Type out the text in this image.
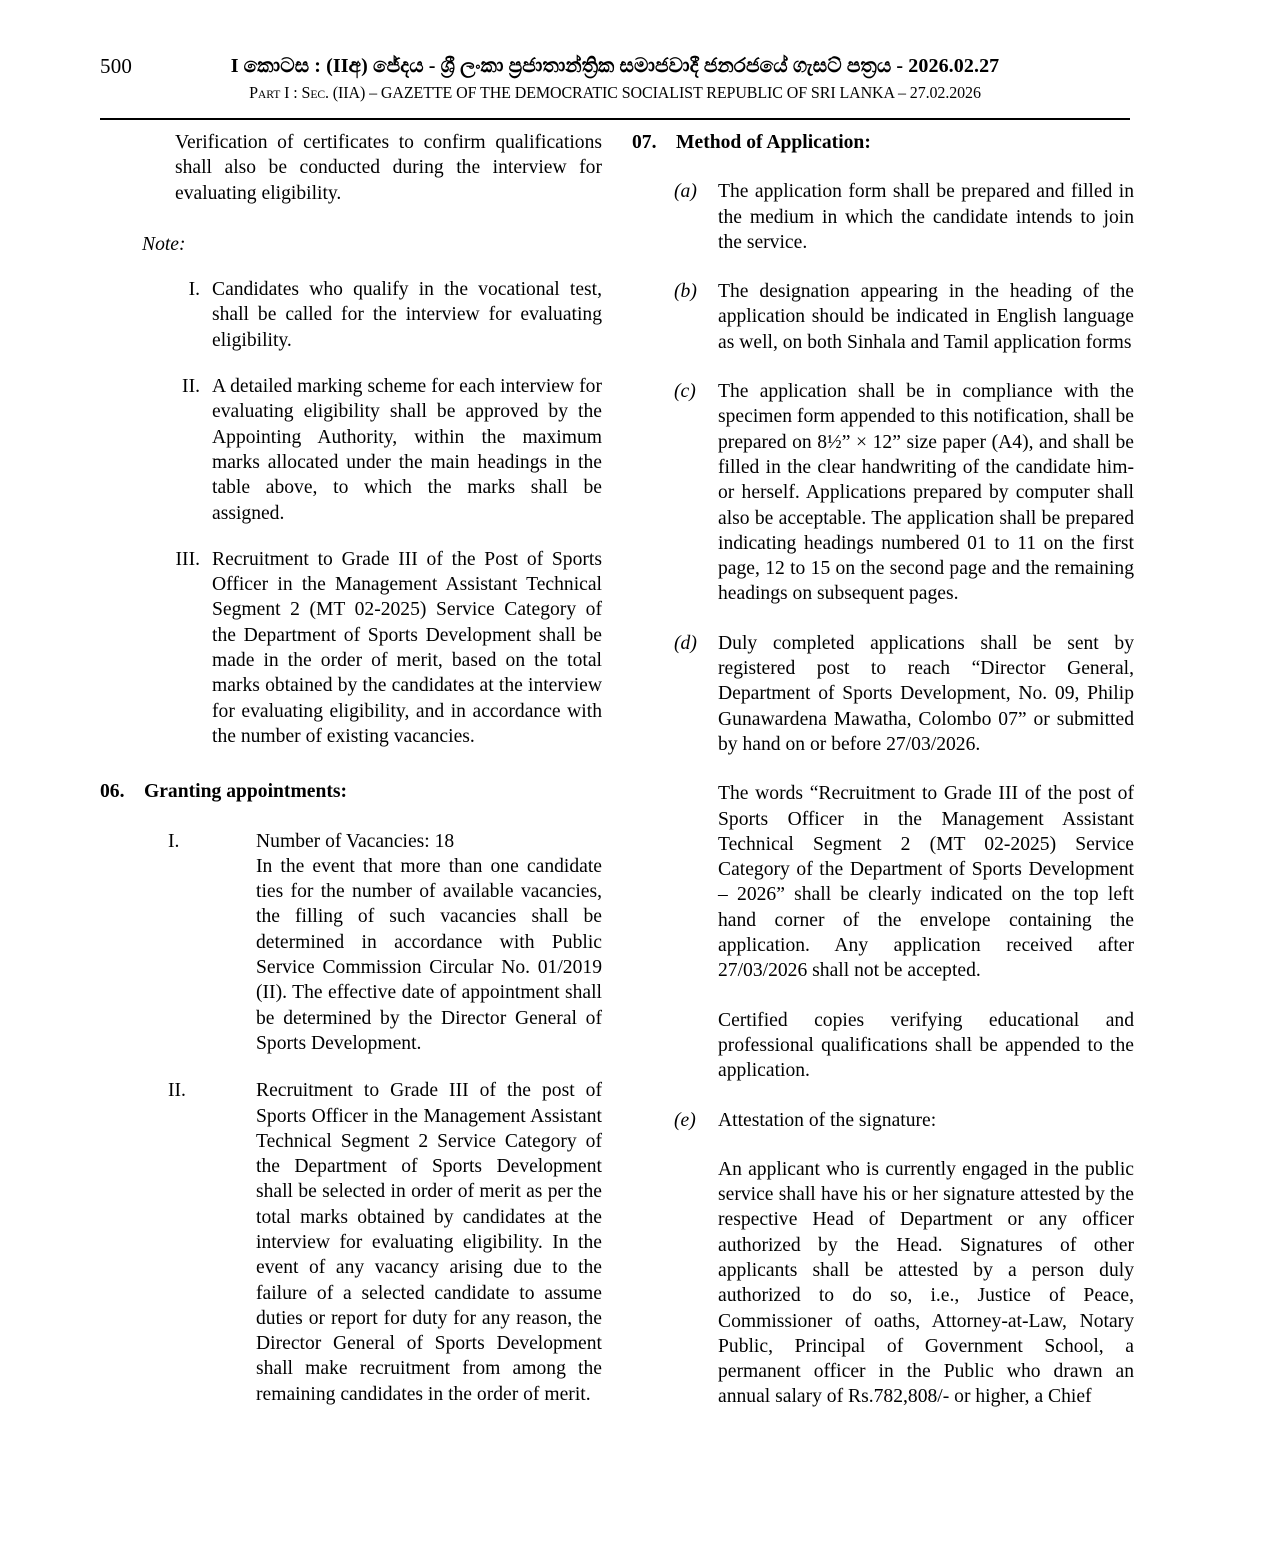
500	I කොටස : (IIඅ) ජේදය - ශ්‍රී ලංකා ප්‍රජාතාන්ත්‍රික සමාජවාදී ජනරජයේ ගැසට් පත්‍රය - 2026.02.27
Part I : Sec. (IIA) – GAZETTE OF THE DEMOCRATIC SOCIALIST REPUBLIC OF SRI LANKA – 27.02.2026

Verification of certificates to confirm qualifications shall also be conducted during the interview for evaluating eligibility.

Note:
I. Candidates who qualify in the vocational test, shall be called for the interview for evaluating eligibility.
II. A detailed marking scheme for each interview for evaluating eligibility shall be approved by the Appointing Authority, within the maximum marks allocated under the main headings in the table above, to which the marks shall be assigned.
III. Recruitment to Grade III of the Post of Sports Officer in the Management Assistant Technical Segment 2 (MT 02-2025) Service Category of the Department of Sports Development shall be made in the order of merit, based on the total marks obtained by the candidates at the interview for evaluating eligibility, and in accordance with the number of existing vacancies.
06. Granting appointments:
I.	Number of Vacancies: 18
In the event that more than one candidate ties for the number of available vacancies, the filling of such vacancies shall be determined in accordance with Public Service Commission Circular No. 01/2019 (II). The effective date of appointment shall be determined by the Director General of Sports Development.
II.	Recruitment to Grade III of the post of Sports Officer in the Management Assistant Technical Segment 2 Service Category of the Department of Sports Development shall be selected in order of merit as per the total marks obtained by candidates at the interview for evaluating eligibility. In the event of any vacancy arising due to the failure of a selected candidate to assume duties or report for duty for any reason, the Director General of Sports Development shall make recruitment from among the remaining candidates in the order of merit.
07. Method of Application:
(a)	The application form shall be prepared and filled in the medium in which the candidate intends to join the service.
(b)	The designation appearing in the heading of the application should be indicated in English language as well, on both Sinhala and Tamil application forms
(c)	The application shall be in compliance with the specimen form appended to this notification, shall be prepared on 8½” × 12” size paper (A4), and shall be filled in the clear handwriting of the candidate him- or herself. Applications prepared by computer shall also be acceptable. The application shall be prepared indicating headings numbered 01 to 11 on the first page, 12 to 15 on the second page and the remaining headings on subsequent pages.
(d)	Duly completed applications shall be sent by registered post to reach “Director General, Department of Sports Development, No. 09, Philip Gunawardena Mawatha, Colombo 07” or submitted by hand on or before 27/03/2026.
The words “Recruitment to Grade III of the post of Sports Officer in the Management Assistant Technical Segment 2 (MT 02-2025) Service Category of the Department of Sports Development – 2026” shall be clearly indicated on the top left hand corner of the envelope containing the application. Any application received after 27/03/2026 shall not be accepted.
Certified copies verifying educational and professional qualifications shall be appended to the application.
(e)	Attestation of the signature:
An applicant who is currently engaged in the public service shall have his or her signature attested by the respective Head of Department or any officer authorized by the Head. Signatures of other applicants shall be attested by a person duly authorized to do so, i.e., Justice of Peace, Commissioner of oaths, Attorney-at-Law, Notary Public, Principal of Government School, a permanent officer in the Public who drawn an annual salary of Rs.782,808/- or higher, a Chief
